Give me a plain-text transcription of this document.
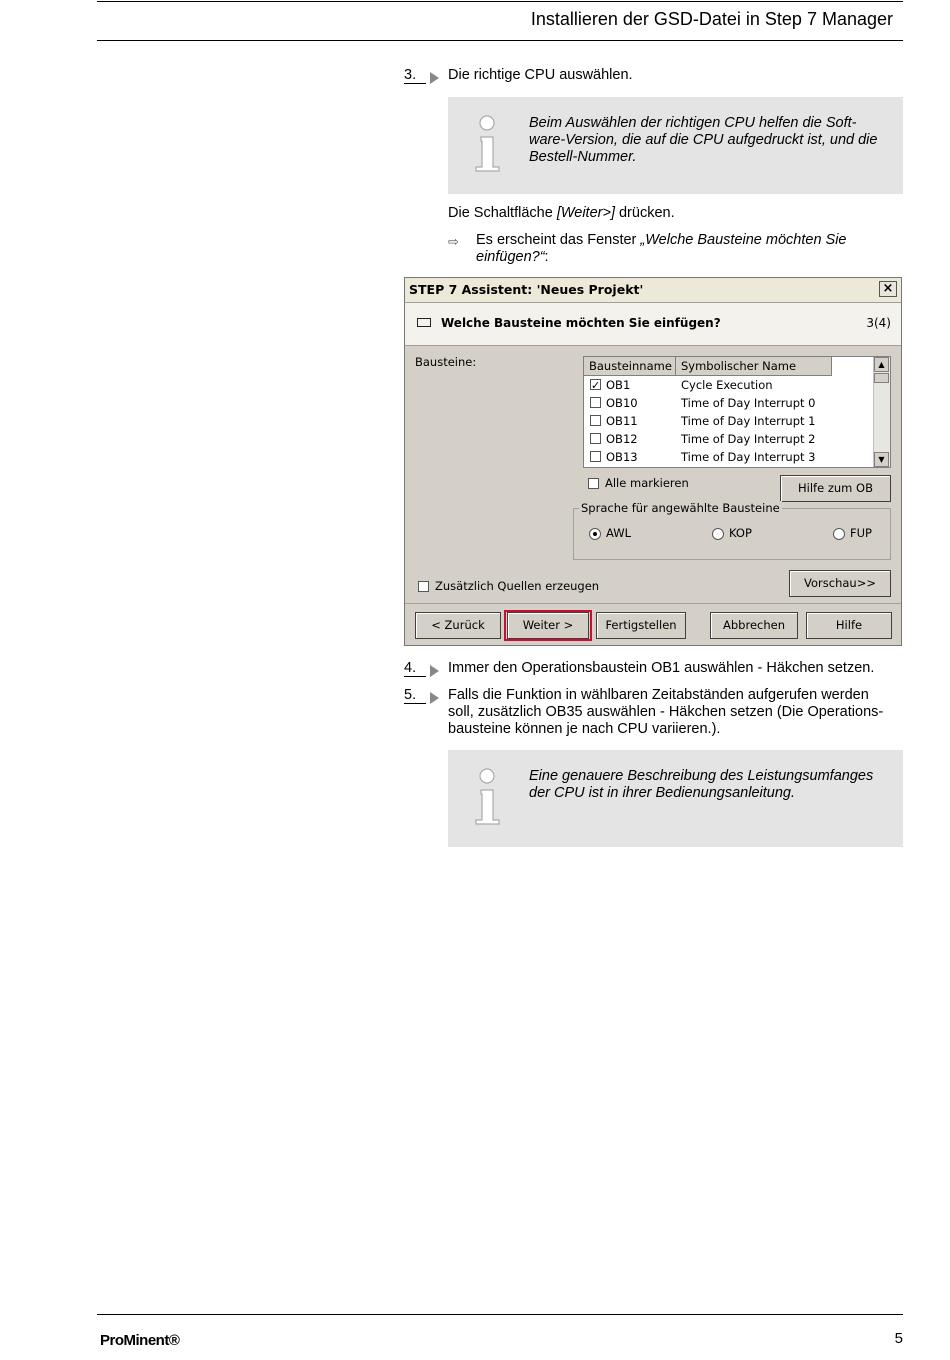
Installieren der GSD-Datei in Step 7 Manager
3.	Die richtige CPU auswählen.
Beim Auswählen der richtigen CPU helfen die Soft-
ware-Version, die auf die CPU aufgedruckt ist, und die
Bestell-Nummer.
Die Schaltfläche [Weiter>] drücken.
⇨ Es erscheint das Fenster „Welche Bausteine möchten Sie
einfügen?“:
STEP 7 Assistent: 'Neues Projekt'	×
Welche Bausteine möchten Sie einfügen?	3(4)
Bausteine:	Bausteinname Symbolischer Name
✓
OB1	Cycle Execution
OB10	Time of Day Interrupt 0
OB11	Time of Day Interrupt 1
OB12	Time of Day Interrupt 2
OB13	Time of Day Interrupt 3
▲
▼
Alle markieren	Hilfe zum OB
Sprache für angewählte Bausteine
AWL	KOP	FUP
Zusätzlich Quellen erzeugen	Vorschau>>
< Zurück	Weiter >	Fertigstellen	Abbrechen	Hilfe
4.	Immer den Operationsbaustein OB1 auswählen - Häkchen setzen.
5.	Falls die Funktion in wählbaren Zeitabständen aufgerufen werden
soll, zusätzlich OB35 auswählen - Häkchen setzen (Die Operations-
bausteine können je nach CPU variieren.).
Eine genauere Beschreibung des Leistungsumfanges
der CPU ist in ihrer Bedienungsanleitung.
ProMinent®	5
